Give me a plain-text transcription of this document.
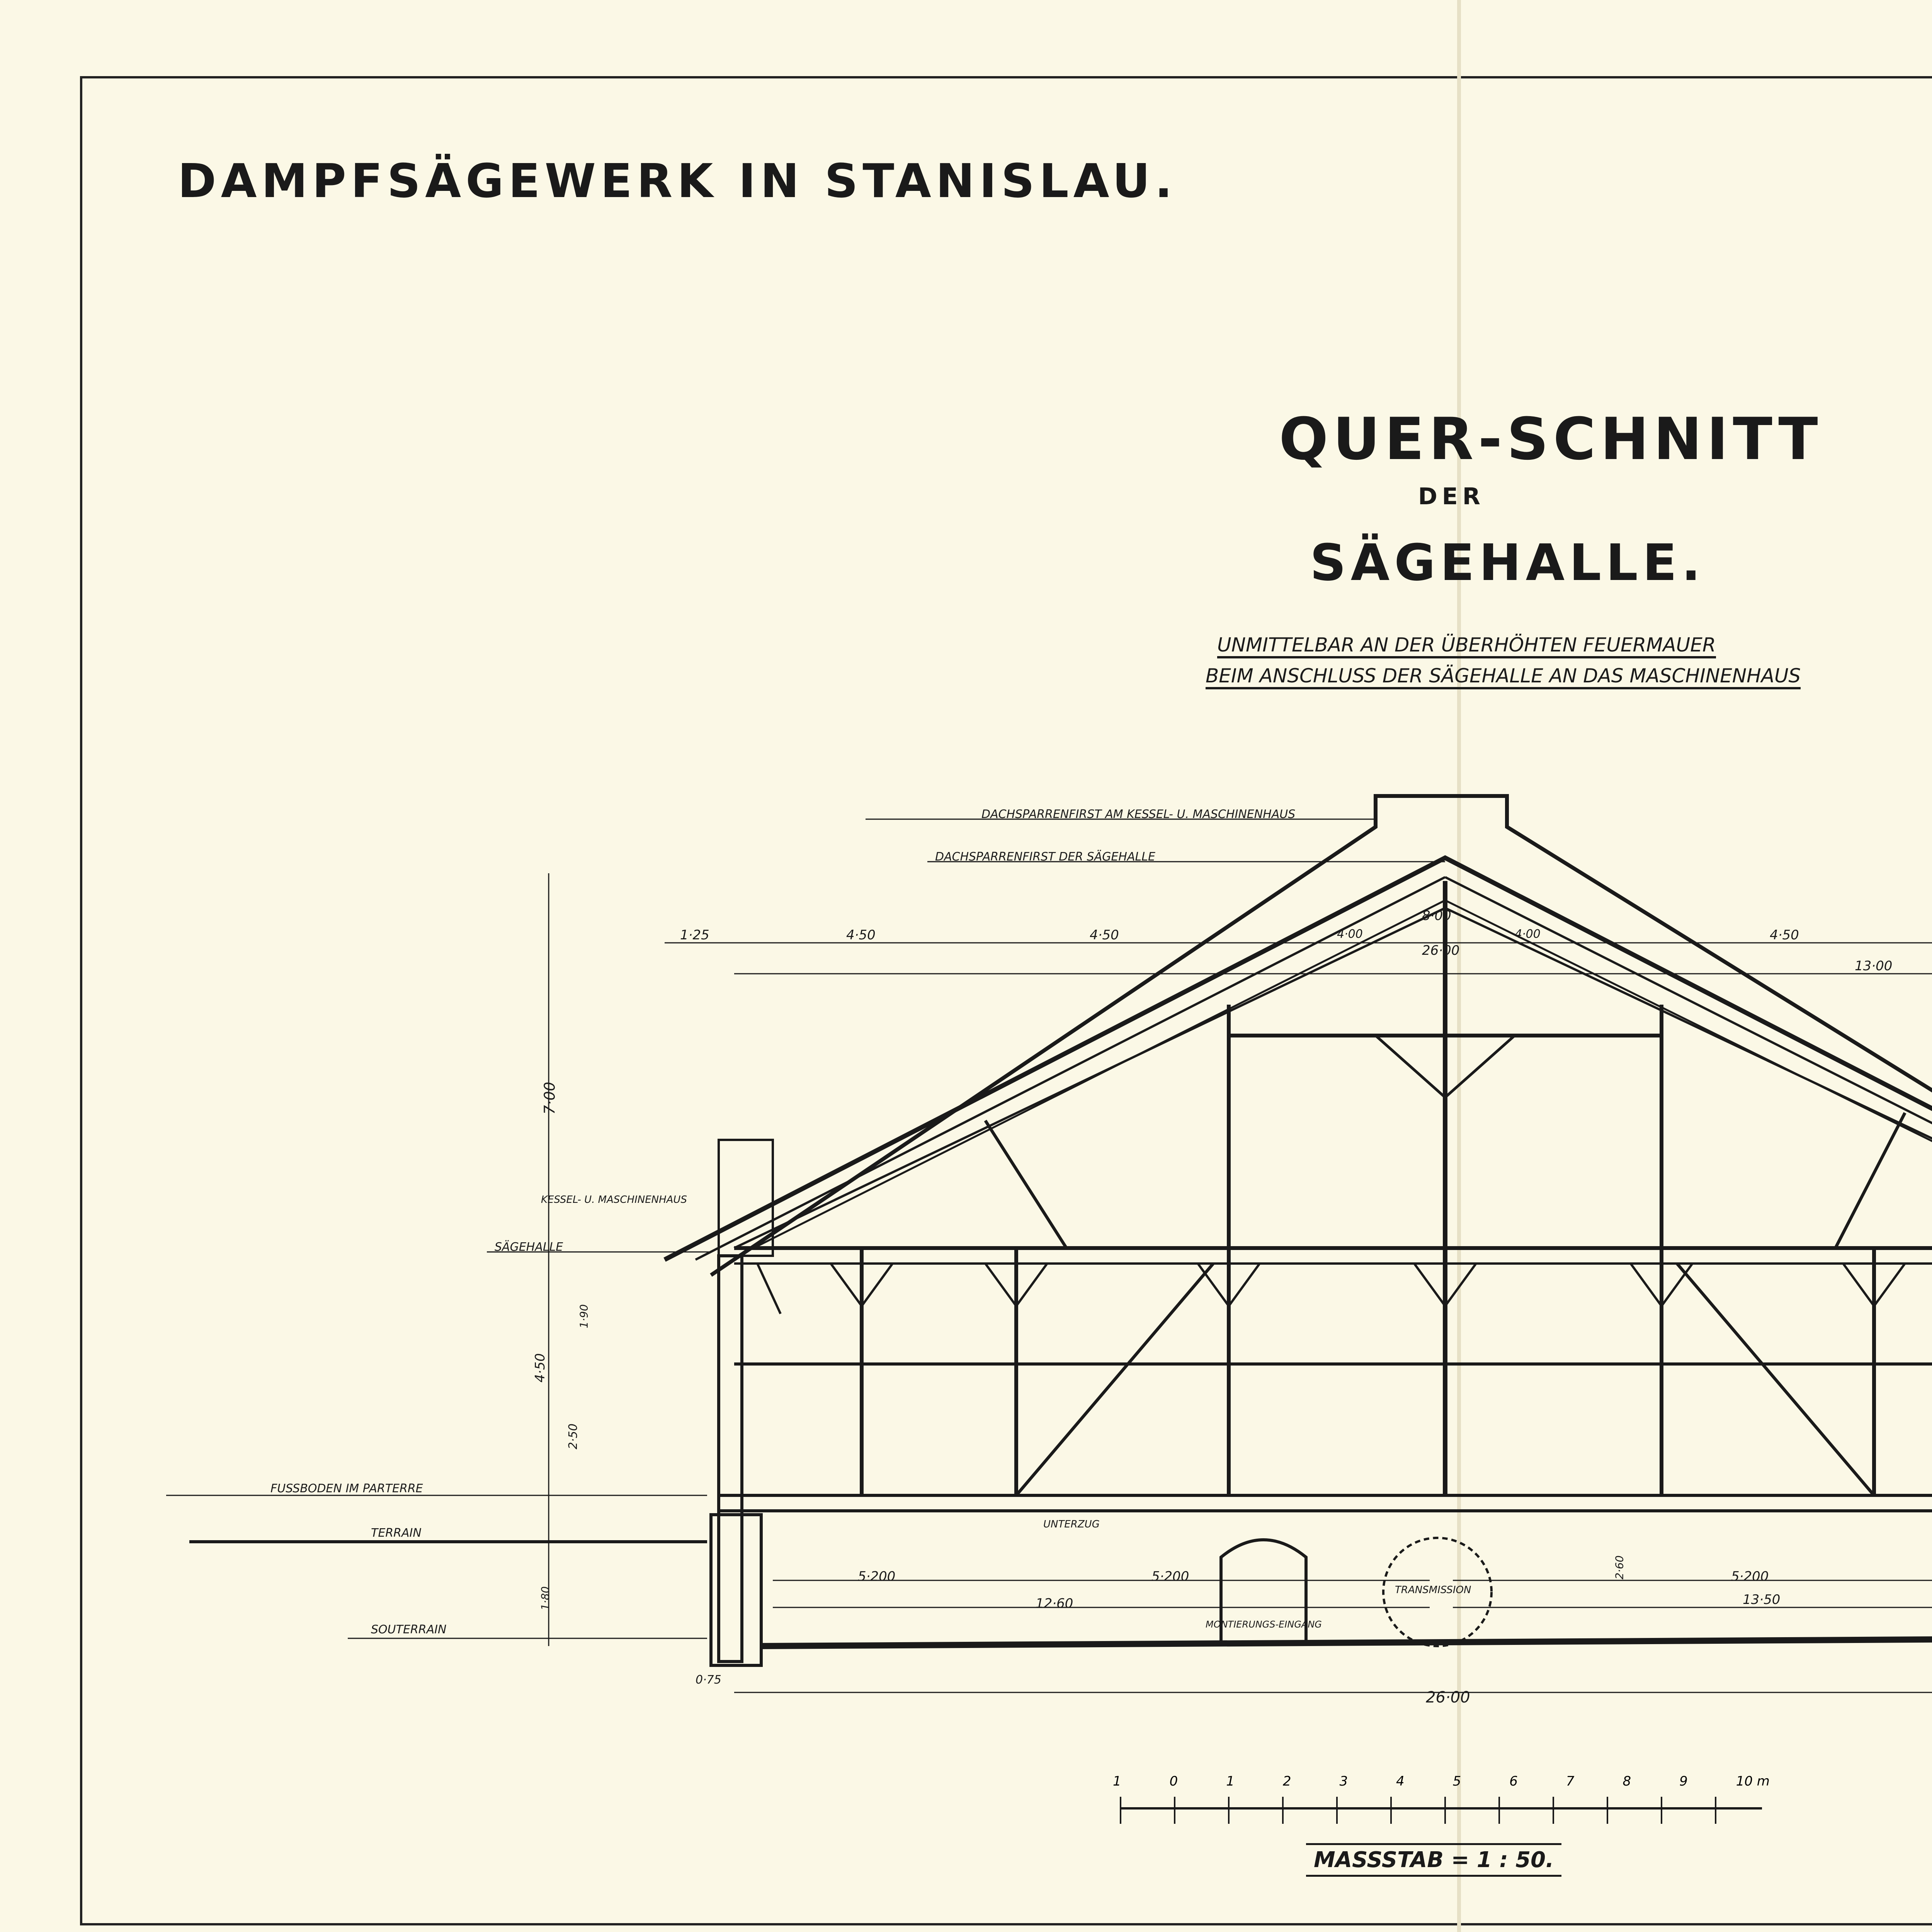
DAMPFSÄGEWERK IN STANISLAU.
QUER-SCHNITT
DER
SÄGEHALLE.
UNMITTELBAR AN DER ÜBERHÖHTEN FEUERMAUER
BEIM ANSCHLUSS DER SÄGEHALLE AN DAS MASCHINENHAUS
DACHSPARRENFIRST AM KESSEL- U. MASCHINENHAUS
DACHSPARRENFIRST DER SÄGEHALLE
KESSEL- U. MASCHINENHAUS
SÄGEHALLE
FUSSBODEN IM PARTERRE
TERRAIN
SOUTERRAIN
TRANSMISSION
MONTIERUNGS-EINGANG
UNTERZUG
1·25	4·50	4·50
8·00
4·00	4·00	4·50
26·00
13·00
26·00
5·200	5·200	5·200
12·60	13·50
0·75
7·00
4·50
2·50
1·90
1·80
2·60
1	0	1	2	3	4	5	6	7	8	9	10 m
MASSSTAB = 1 : 50.
